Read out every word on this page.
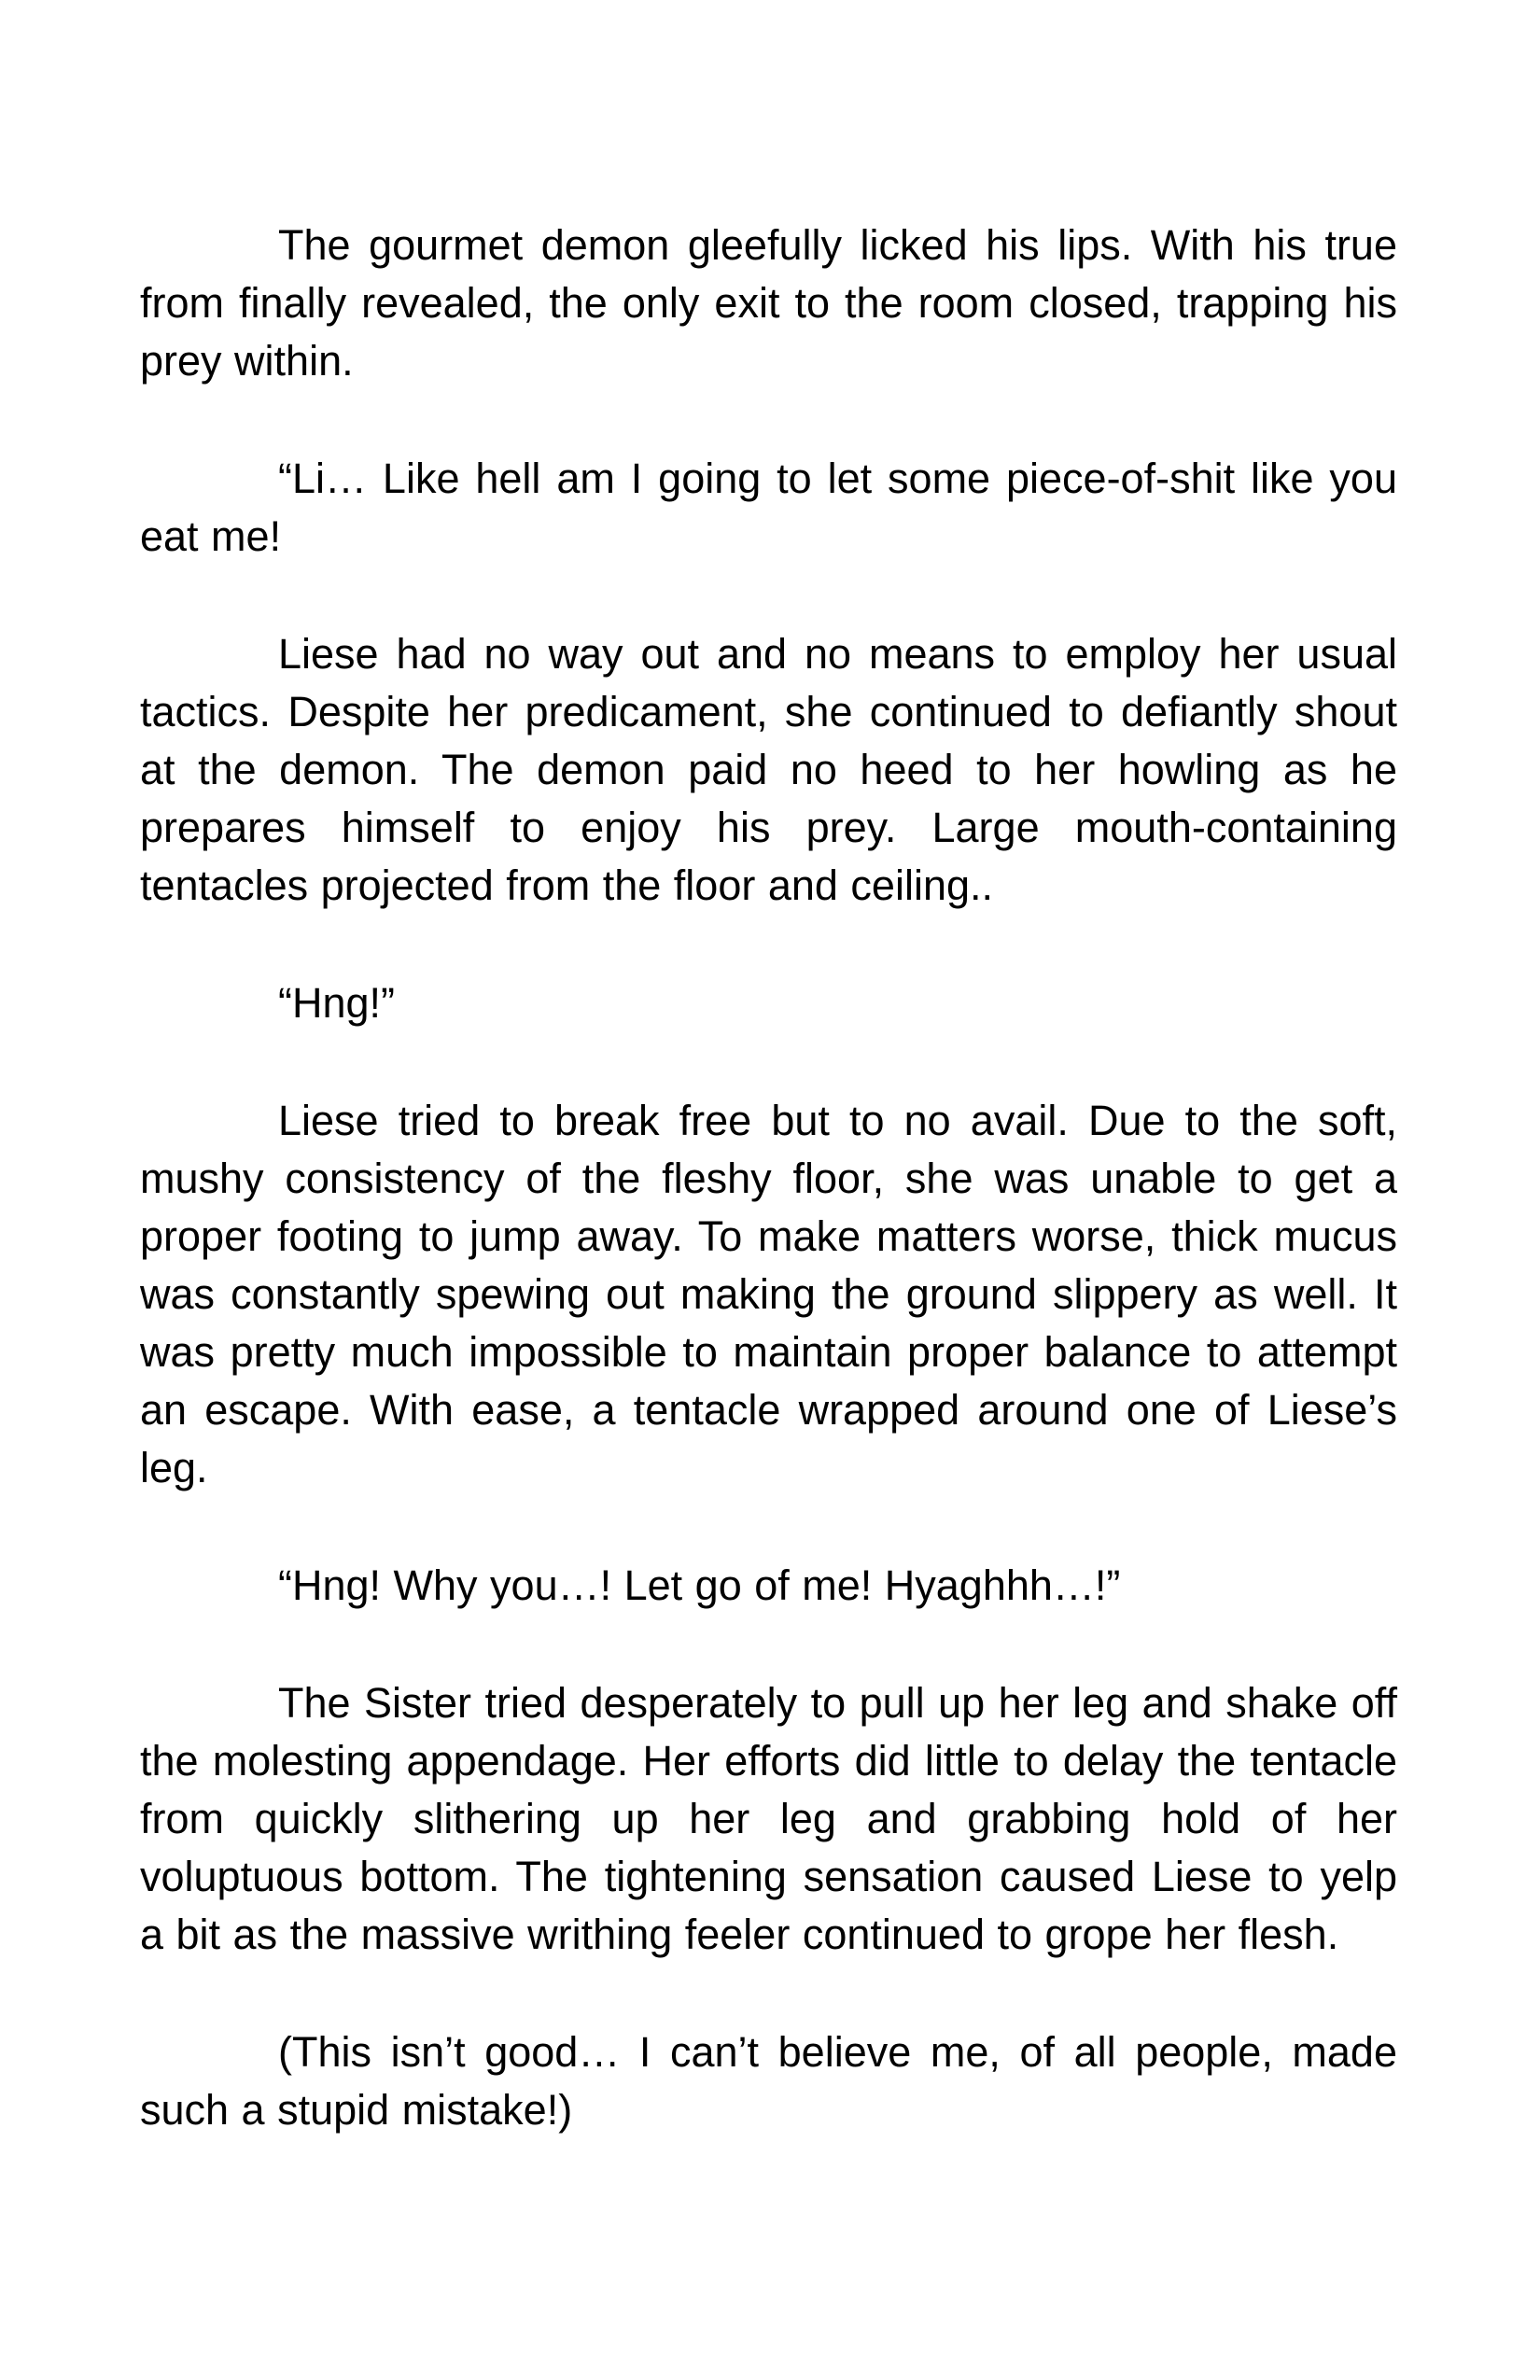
The gourmet demon gleefully licked his lips. With his true from finally revealed, the only exit to the room closed, trapping his prey within.

“Li… Like hell am I going to let some piece-of-shit like you eat me!

Liese had no way out and no means to employ her usual tactics. Despite her predicament, she continued to defiantly shout at the demon. The demon paid no heed to her howling as he prepares himself to enjoy his prey. Large mouth-containing tentacles projected from the floor and ceiling..

“Hng!”

Liese tried to break free but to no avail. Due to the soft, mushy consistency of the fleshy floor, she was unable to get a proper footing to jump away. To make matters worse, thick mucus was constantly spewing out making the ground slippery as well. It was pretty much impossible to maintain proper balance to attempt an escape. With ease, a tentacle wrapped around one of Liese’s leg.

“Hng! Why you…! Let go of me! Hyaghhh…!”

The Sister tried desperately to pull up her leg and shake off the molesting appendage. Her efforts did little to delay the tentacle from quickly slithering up her leg and grabbing hold of her voluptuous bottom. The tightening sensation caused Liese to yelp a bit as the massive writhing feeler continued to grope her flesh.

(This isn’t good… I can’t believe me, of all people, made such a stupid mistake!)
